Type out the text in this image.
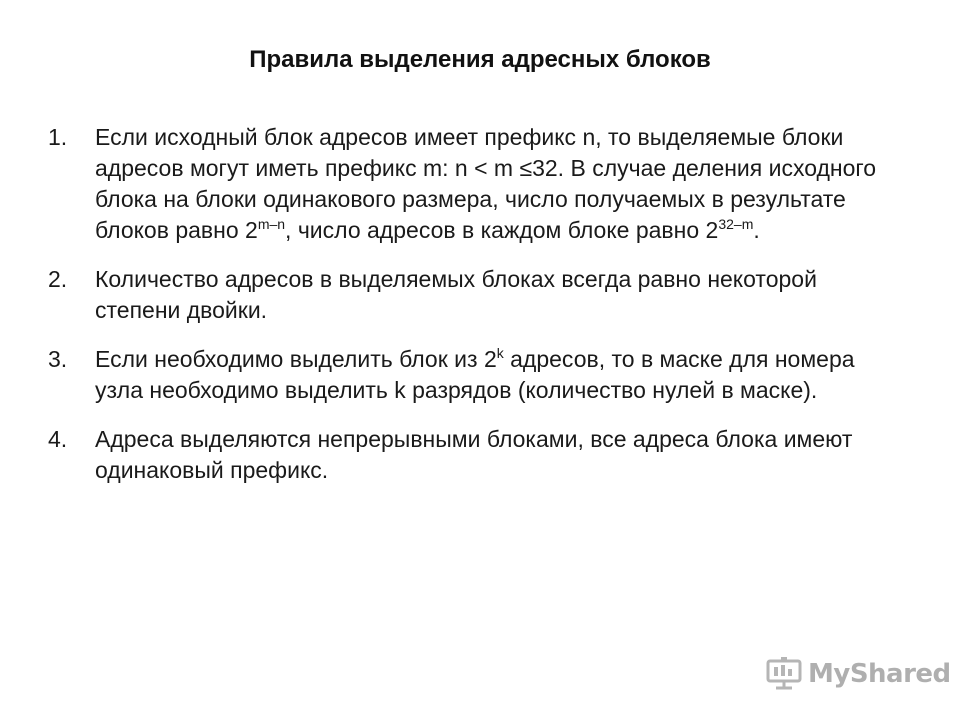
Правила выделения адресных блоков
1.	Если исходный блок адресов имеет префикс n, то выделяемые блоки адресов могут иметь префикс m: n < m ≤32. В случае деления исходного блока на блоки одинакового размера, число получаемых в результате блоков равно 2$^{m-n}$, число адресов в каждом блоке равно 2$^{32-m}$.
2.	Количество адресов в выделяемых блоках всегда равно некоторой степени двойки.
3.	Если необходимо выделить блок из 2$^k$ адресов, то в маске для номера узла необходимо выделить k разрядов (количество нулей в маске).
4.	Адреса выделяются непрерывными блоками, все адреса блока имеют одинаковый префикс.
MyShared
